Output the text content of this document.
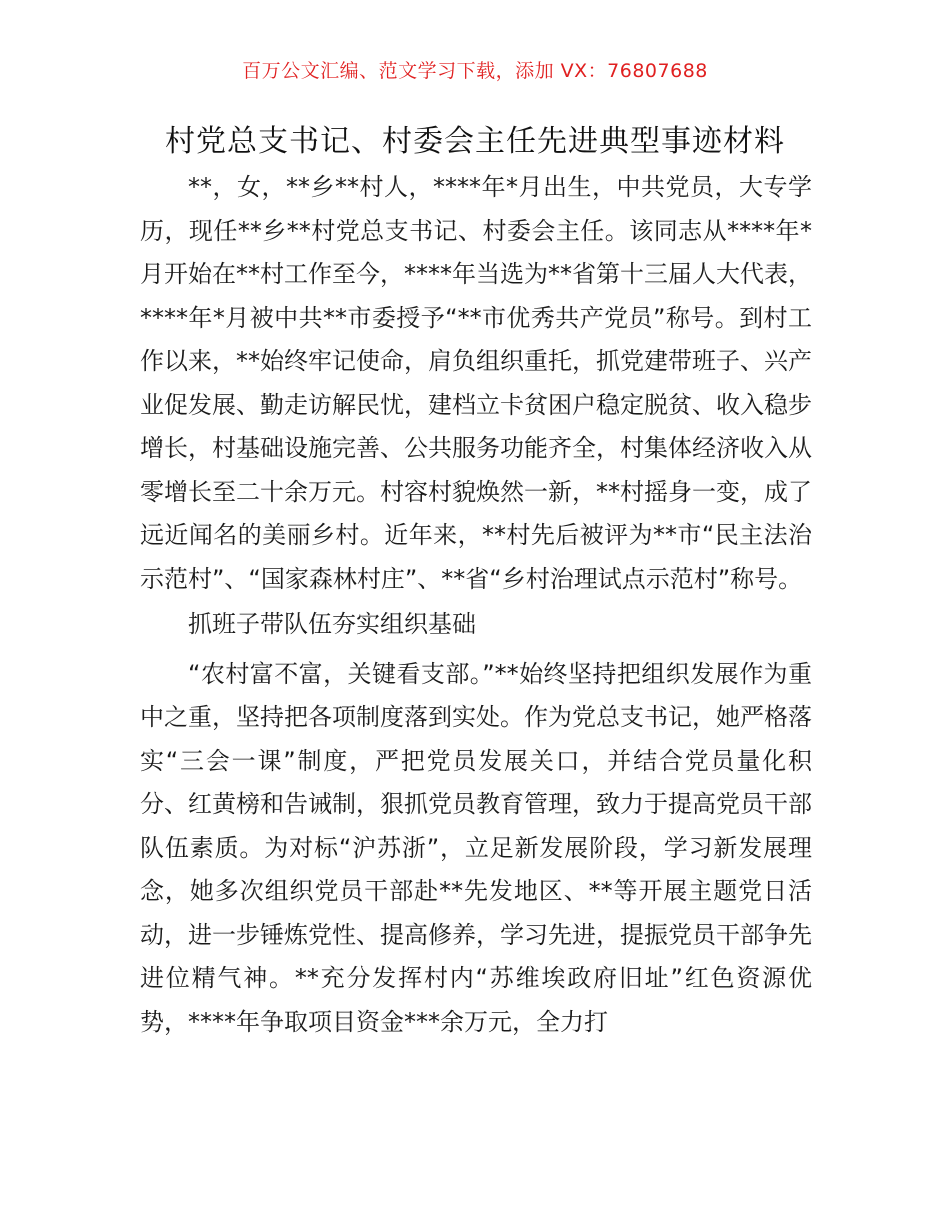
百万公文汇编、范文学习下载，添加 VX：76807688
村党总支书记、村委会主任先进典型事迹材料

**，女，**乡**村人，****年*月出生，中共党员，大专学历，现任**乡**村党总支书记、村委会主任。该同志从****年*月开始在**村工作至今，****年当选为**省第十三届人大代表，****年*月被中共**市委授予“**市优秀共产党员”称号。到村工作以来，**始终牢记使命，肩负组织重托，抓党建带班子、兴产业促发展、勤走访解民忧，建档立卡贫困户稳定脱贫、收入稳步增长，村基础设施完善、公共服务功能齐全，村集体经济收入从零增长至二十余万元。村容村貌焕然一新，**村摇身一变，成了远近闻名的美丽乡村。近年来，**村先后被评为**市“民主法治示范村”、“国家森林村庄”、**省“乡村治理试点示范村”称号。

抓班子带队伍夯实组织基础

“农村富不富，关键看支部。”**始终坚持把组织发展作为重中之重，坚持把各项制度落到实处。作为党总支书记，她严格落实“三会一课”制度，严把党员发展关口，并结合党员量化积分、红黄榜和告诫制，狠抓党员教育管理，致力于提高党员干部队伍素质。为对标“沪苏浙”，立足新发展阶段，学习新发展理念，她多次组织党员干部赴**先发地区、**等开展主题党日活动，进一步锤炼党性、提高修养，学习先进，提振党员干部争先进位精气神。**充分发挥村内“苏维埃政府旧址”红色资源优势，****年争取项目资金***余万元，全力打
